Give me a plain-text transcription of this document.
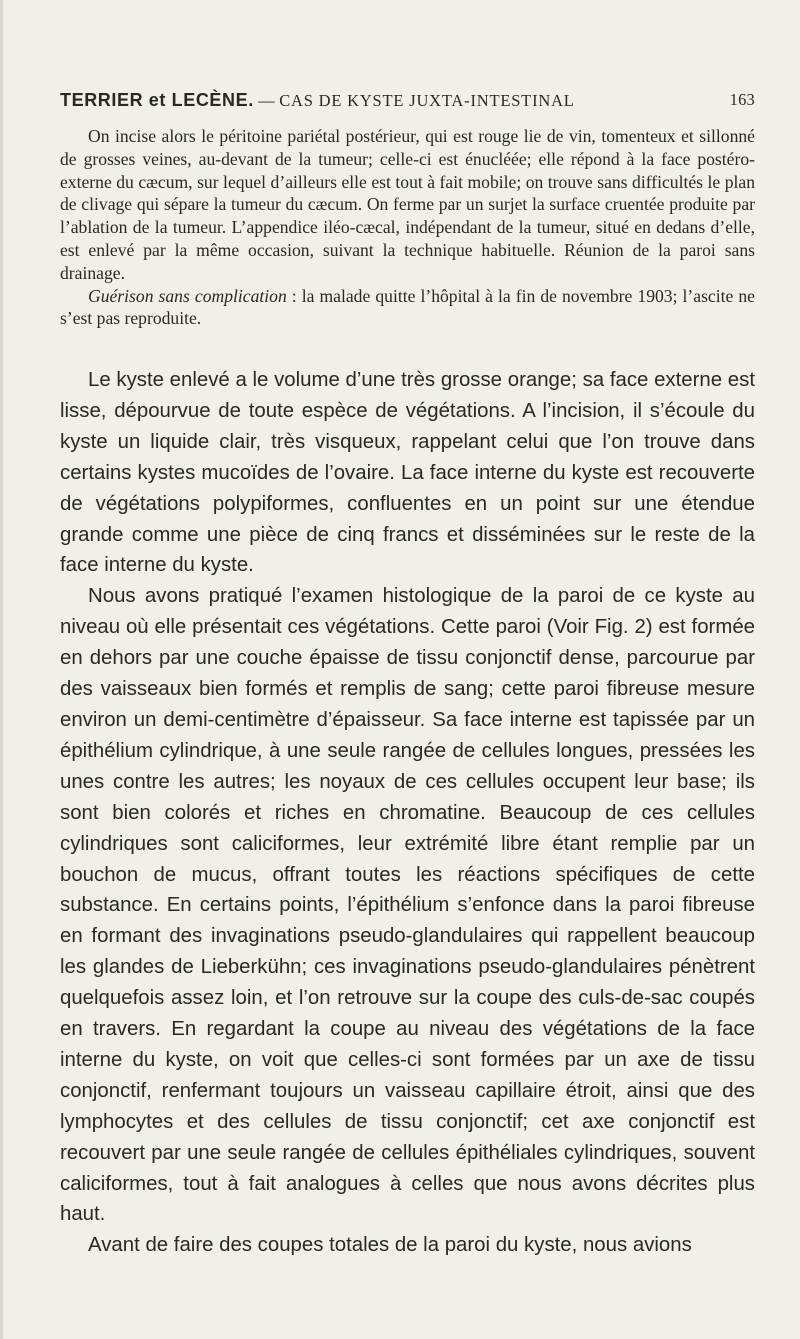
TERRIER et LECÈNE. — CAS DE KYSTE JUXTA-INTESTINAL	163

On incise alors le péritoine pariétal postérieur, qui est rouge lie de vin, tomenteux et sillonné de grosses veines, au-devant de la tumeur; celle-ci est énucléée; elle répond à la face postéro-externe du cæcum, sur lequel d’ailleurs elle est tout à fait mobile; on trouve sans difficultés le plan de clivage qui sépare la tumeur du cæcum. On ferme par un surjet la surface cruentée produite par l’ablation de la tumeur. L’appendice iléo-cæcal, indépendant de la tumeur, situé en dedans d’elle, est enlevé par la même occasion, suivant la technique habituelle. Réunion de la paroi sans drainage.

Guérison sans complication : la malade quitte l’hôpital à la fin de novembre 1903; l’ascite ne s’est pas reproduite.

Le kyste enlevé a le volume d’une très grosse orange; sa face externe est lisse, dépourvue de toute espèce de végétations. A l’incision, il s’écoule du kyste un liquide clair, très visqueux, rappelant celui que l’on trouve dans certains kystes mucoïdes de l’ovaire. La face interne du kyste est recouverte de végétations polypiformes, confluentes en un point sur une étendue grande comme une pièce de cinq francs et disséminées sur le reste de la face interne du kyste.

Nous avons pratiqué l’examen histologique de la paroi de ce kyste au niveau où elle présentait ces végétations. Cette paroi (Voir Fig. 2) est formée en dehors par une couche épaisse de tissu conjonctif dense, parcourue par des vaisseaux bien formés et remplis de sang; cette paroi fibreuse mesure environ un demi-centimètre d’épaisseur. Sa face interne est tapissée par un épithélium cylindrique, à une seule rangée de cellules longues, pressées les unes contre les autres; les noyaux de ces cellules occupent leur base; ils sont bien colorés et riches en chromatine. Beaucoup de ces cellules cylindriques sont caliciformes, leur extrémité libre étant remplie par un bouchon de mucus, offrant toutes les réactions spécifiques de cette substance. En certains points, l’épithélium s’enfonce dans la paroi fibreuse en formant des invaginations pseudo-glandulaires qui rappellent beaucoup les glandes de Lieberkühn; ces invaginations pseudo-glandulaires pénètrent quelquefois assez loin, et l’on retrouve sur la coupe des culs-de-sac coupés en travers. En regardant la coupe au niveau des végétations de la face interne du kyste, on voit que celles-ci sont formées par un axe de tissu conjonctif, renfermant toujours un vaisseau capillaire étroit, ainsi que des lymphocytes et des cellules de tissu conjonctif; cet axe conjonctif est recouvert par une seule rangée de cellules épithéliales cylindriques, souvent caliciformes, tout à fait analogues à celles que nous avons décrites plus haut.

Avant de faire des coupes totales de la paroi du kyste, nous avions
